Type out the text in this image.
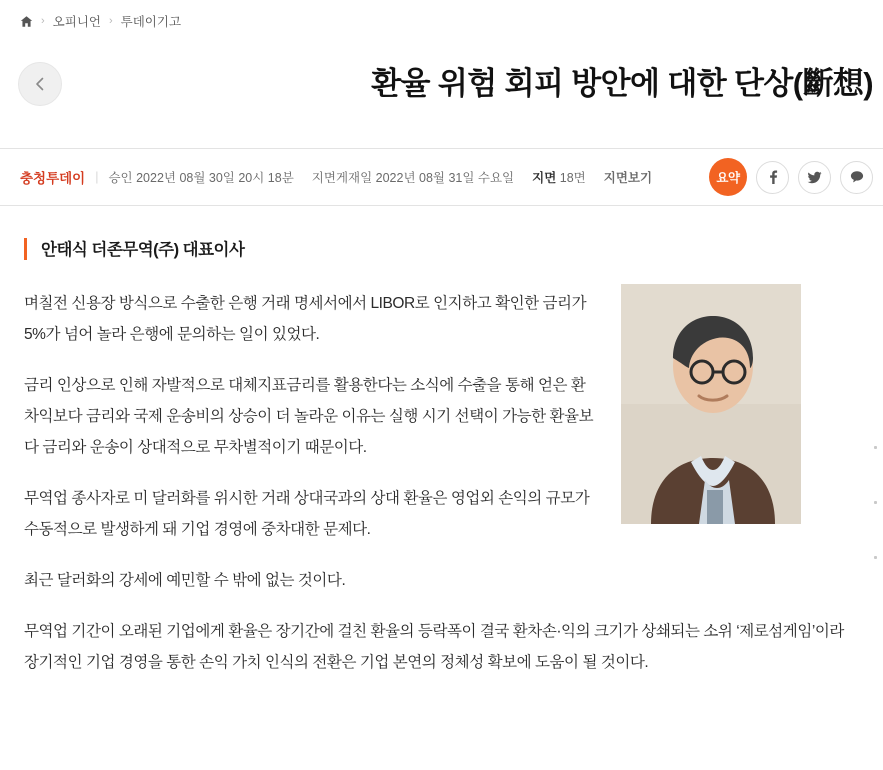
› 오피니언 › 투데이기고
환율 위험 회피 방안에 대한 단상(斷想)
충청투데이 | 승인 2022년 08월 30일 20시 18분 지면게재일 2022년 08월 31일 수요일 지면 18면 지면보기	요약
안태식 더존무역(주) 대표이사

며칠전 신용장 방식으로 수출한 은행 거래 명세서에서 LIBOR로 인지하고 확인한 금리가 5%가 넘어 놀라 은행에 문의하는 일이 있었다.

금리 인상으로 인해 자발적으로 대체지표금리를 활용한다는 소식에 수출을 통해 얻은 환차익보다 금리와 국제 운송비의 상승이 더 놀라운 이유는 실행 시기 선택이 가능한 환율보다 금리와 운송이 상대적으로 무차별적이기 때문이다.

무역업 종사자로 미 달러화를 위시한 거래 상대국과의 상대 환율은 영업외 손익의 규모가 수동적으로 발생하게 돼 기업 경영에 중차대한 문제다.

최근 달러화의 강세에 예민할 수 밖에 없는 것이다.

무역업 기간이 오래된 기업에게 환율은 장기간에 걸친 환율의 등락폭이 결국 환차손·익의 크기가 상쇄되는 소위 ‘제로섬게임’이라 장기적인 기업 경영을 통한 손익 가치 인식의 전환은 기업 본연의 정체성 확보에 도움이 될 것이다.
